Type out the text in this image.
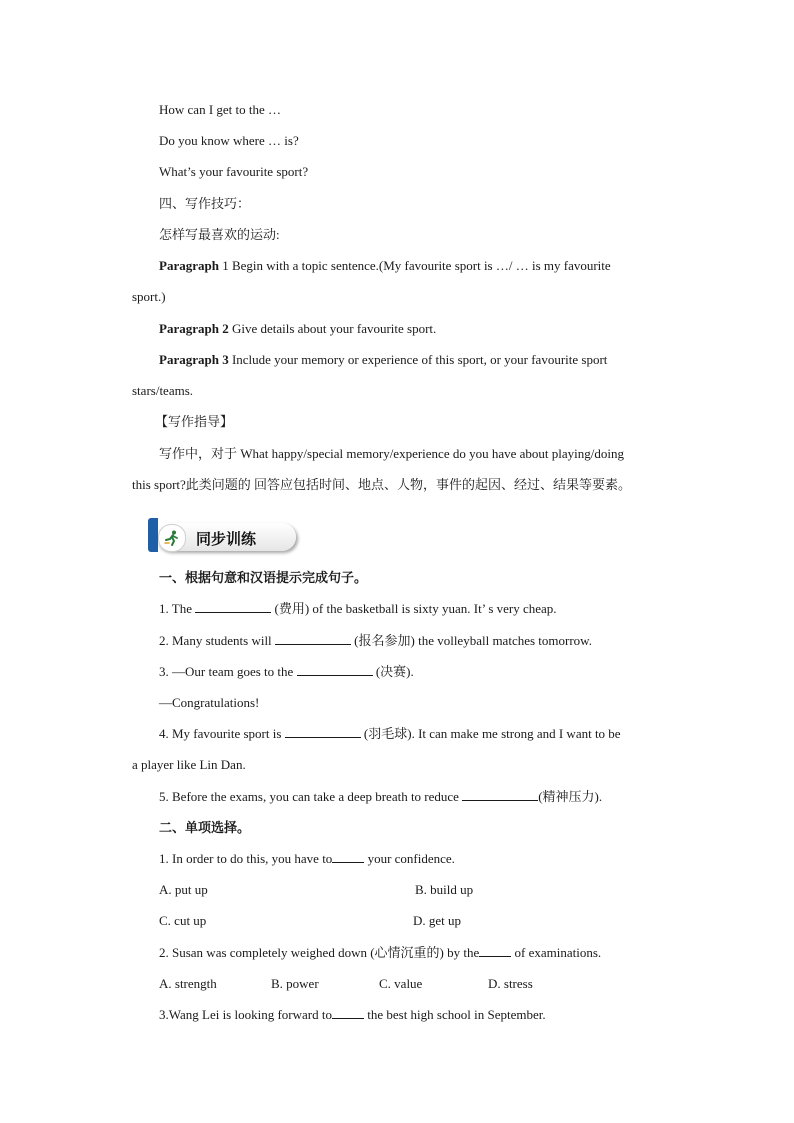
How can I get to the …
Do you know where … is?
What’s your favourite sport?
四、写作技巧：
怎样写最喜欢的运动:
Paragraph 1 Begin with a topic sentence.(My favourite sport is …/ … is my favourite
sport.)
Paragraph 2 Give details about your favourite sport.
Paragraph 3 Include your memory or experience of this sport, or your favourite sport
stars/teams.
【写作指导】
写作中，对于 What happy/special memory/experience do you have about playing/doing
this sport?此类问题的 回答应包括时间、地点、人物，事件的起因、经过、结果等要素。
同步训练
一、根据句意和汉语提示完成句子。
1. The	(费用) of the basketball is sixty yuan. It’ s very cheap.
2. Many students will	(报名参加) the volleyball matches tomorrow.
3. —Our team goes to the	(决赛).
—Congratulations!
4. My favourite sport is	(羽毛球). It can make me strong and I want to be
a player like Lin Dan.
5. Before the exams, you can take a deep breath to reduce	(精神压力).
二、单项选择。
1. In order to do this, you have to your confidence.
A. put up	B. build up
C. cut up	D. get up
2. Susan was completely weighed down (心情沉重的) by the of examinations.
A. strength	B. power	C. value	D. stress
3.Wang Lei is looking forward to the best high school in September.
